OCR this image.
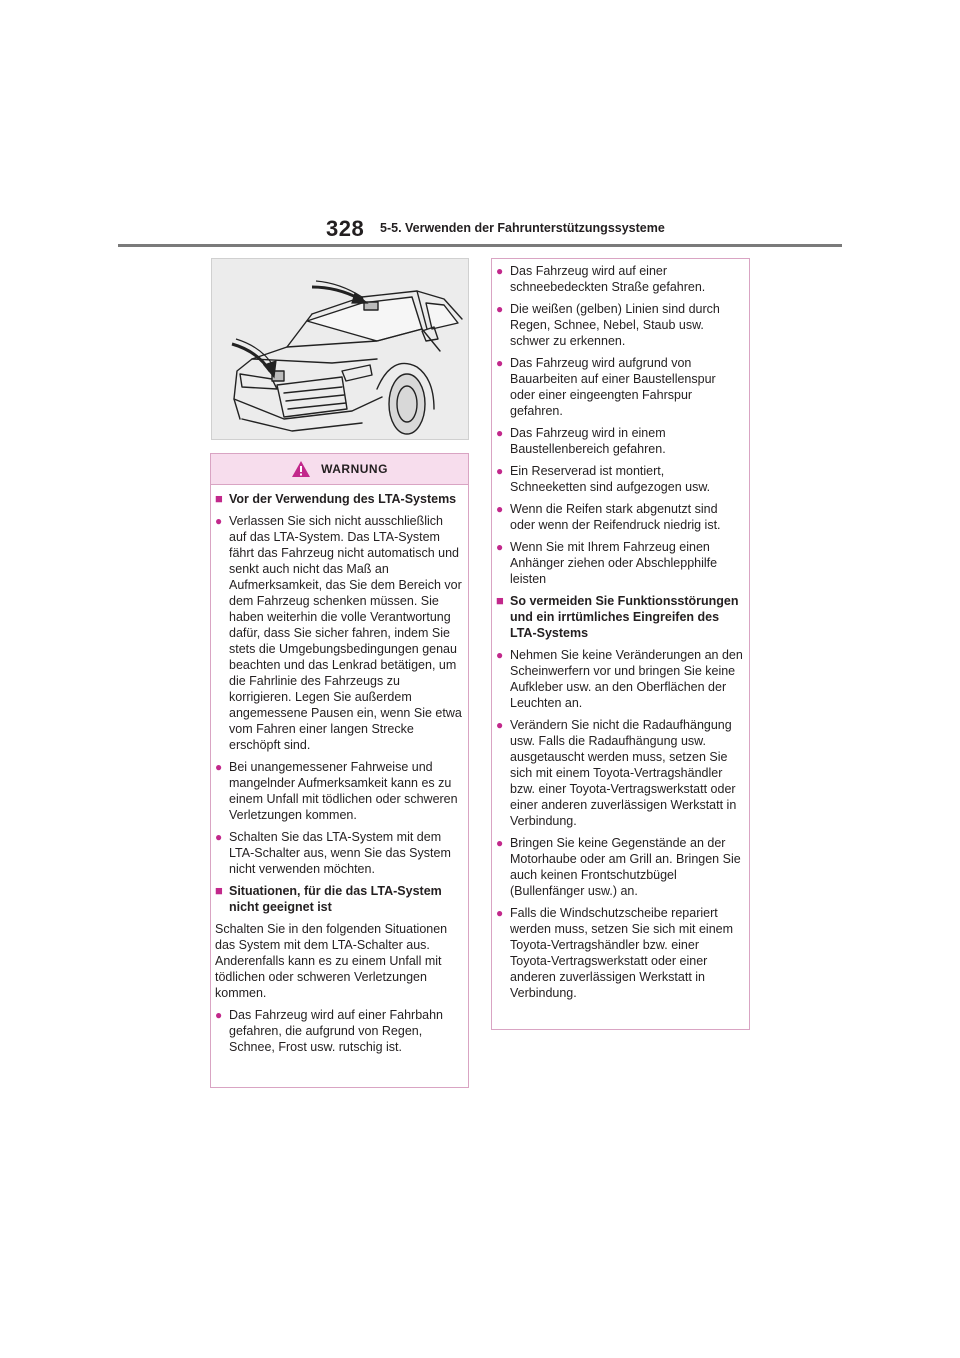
328 5-5. Verwenden der Fahrunterstützungssysteme
WARNUNG
■ Vor der Verwendung des LTA-Systems
● Verlassen Sie sich nicht ausschließlich auf das LTA-System. Das LTA-System fährt das Fahrzeug nicht automatisch und senkt auch nicht das Maß an Aufmerksamkeit, das Sie dem Bereich vor dem Fahrzeug schenken müssen. Sie haben weiterhin die volle Verantwortung dafür, dass Sie sicher fahren, indem Sie stets die Umgebungsbedingungen genau beachten und das Lenkrad betätigen, um die Fahrlinie des Fahrzeugs zu korrigieren. Legen Sie außerdem angemessene Pausen ein, wenn Sie etwa vom Fahren einer langen Strecke erschöpft sind.
● Bei unangemessener Fahrweise und mangelnder Aufmerksamkeit kann es zu einem Unfall mit tödlichen oder schweren Verletzungen kommen.
● Schalten Sie das LTA-System mit dem LTA-Schalter aus, wenn Sie das System nicht verwenden möchten.
■ Situationen, für die das LTA-System nicht geeignet ist
Schalten Sie in den folgenden Situationen das System mit dem LTA-Schalter aus. Anderenfalls kann es zu einem Unfall mit tödlichen oder schweren Verletzungen kommen.
● Das Fahrzeug wird auf einer Fahrbahn gefahren, die aufgrund von Regen, Schnee, Frost usw. rutschig ist.
● Das Fahrzeug wird auf einer schneebedeckten Straße gefahren.
● Die weißen (gelben) Linien sind durch Regen, Schnee, Nebel, Staub usw. schwer zu erkennen.
● Das Fahrzeug wird aufgrund von Bauarbeiten auf einer Baustellenspur oder einer eingeengten Fahrspur gefahren.
● Das Fahrzeug wird in einem Baustellenbereich gefahren.
● Ein Reserverad ist montiert, Schneeketten sind aufgezogen usw.
● Wenn die Reifen stark abgenutzt sind oder wenn der Reifendruck niedrig ist.
● Wenn Sie mit Ihrem Fahrzeug einen Anhänger ziehen oder Abschlepphilfe leisten
■ So vermeiden Sie Funktionsstörungen und ein irrtümliches Eingreifen des LTA-Systems
● Nehmen Sie keine Veränderungen an den Scheinwerfern vor und bringen Sie keine Aufkleber usw. an den Oberflächen der Leuchten an.
● Verändern Sie nicht die Radaufhängung usw. Falls die Radaufhängung usw. ausgetauscht werden muss, setzen Sie sich mit einem Toyota-Vertragshändler bzw. einer Toyota-Vertragswerkstatt oder einer anderen zuverlässigen Werkstatt in Verbindung.
● Bringen Sie keine Gegenstände an der Motorhaube oder am Grill an. Bringen Sie auch keinen Frontschutzbügel (Bullenfänger usw.) an.
● Falls die Windschutzscheibe repariert werden muss, setzen Sie sich mit einem Toyota-Vertragshändler bzw. einer Toyota-Vertragswerkstatt oder einer anderen zuverlässigen Werkstatt in Verbindung.
